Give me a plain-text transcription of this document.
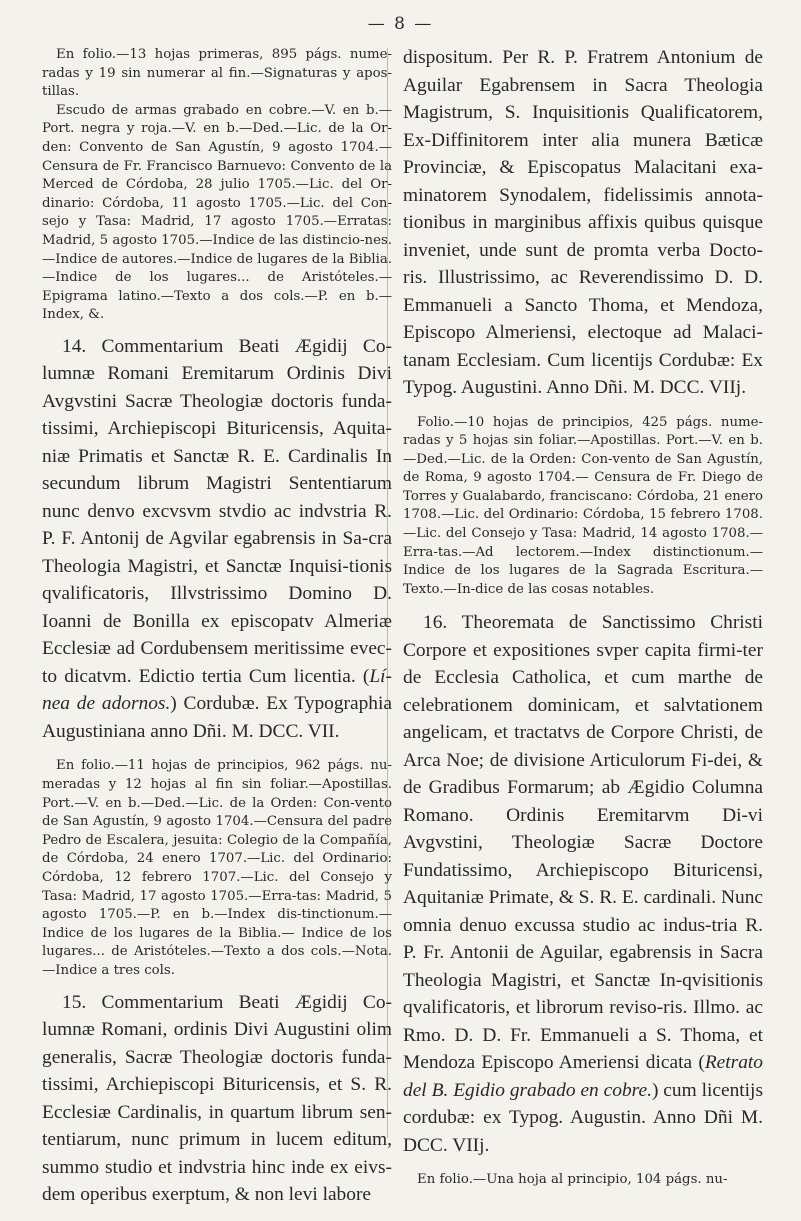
— 8 —

En folio.—13 hojas primeras, 895 págs. nume-radas y 19 sin numerar al fin.—Signaturas y apos-tillas.

Escudo de armas grabado en cobre.—V. en b.— Port. negra y roja.—V. en b.—Ded.—Lic. de la Or-den: Convento de San Agustín, 9 agosto 1704.— Censura de Fr. Francisco Barnuevo: Convento de la Merced de Córdoba, 28 julio 1705.—Lic. del Or-dinario: Córdoba, 11 agosto 1705.—Lic. del Con-sejo y Tasa: Madrid, 17 agosto 1705.—Erratas: Madrid, 5 agosto 1705.—Indice de las distincio-nes.—Indice de autores.—Indice de lugares de la Biblia.—Indice de los lugares... de Aristóteles.— Epigrama latino.—Texto a dos cols.—P. en b.— Index, &.

14. Commentarium Beati Ægidij Co-lumnæ Romani Eremitarum Ordinis Divi Avgvstini Sacræ Theologiæ doctoris funda-tissimi, Archiepiscopi Bituricensis, Aquita-niæ Primatis et Sanctæ R. E. Cardinalis In secundum librum Magistri Sententiarum nunc denvo excvsvm stvdio ac indvstria R. P. F. Antonij de Agvilar egabrensis in Sa-cra Theologia Magistri, et Sanctæ Inquisi-tionis qvalificatoris, Illvstrissimo Domino D. Ioanni de Bonilla ex episcopatv Almeriæ Ecclesiæ ad Cordubensem meritissime evec-to dicatvm. Edictio tertia Cum licentia. (Lí-nea de adornos.) Cordubæ. Ex Typographia Augustiniana anno Dñi. M. DCC. VII.

En folio.—11 hojas de principios, 962 págs. nu-meradas y 12 hojas al fin sin foliar.—Apostillas. Port.—V. en b.—Ded.—Lic. de la Orden: Con-vento de San Agustín, 9 agosto 1704.—Censura del padre Pedro de Escalera, jesuita: Colegio de la Compañía, de Córdoba, 24 enero 1707.—Lic. del Ordinario: Córdoba, 12 febrero 1707.—Lic. del Consejo y Tasa: Madrid, 17 agosto 1705.—Erra-tas: Madrid, 5 agosto 1705.—P. en b.—Index dis-tinctionum.—Indice de los lugares de la Biblia.— Indice de los lugares... de Aristóteles.—Texto a dos cols.—Nota.—Indice a tres cols.

15. Commentarium Beati Ægidij Co-lumnæ Romani, ordinis Divi Augustini olim generalis, Sacræ Theologiæ doctoris funda-tissimi, Archiepiscopi Bituricensis, et S. R. Ecclesiæ Cardinalis, in quartum librum sen-tentiarum, nunc primum in lucem editum, summo studio et indvstria hinc inde ex eivs-dem operibus exerptum, & non levi labore

dispositum. Per R. P. Fratrem Antonium de Aguilar Egabrensem in Sacra Theologia Magistrum, S. Inquisitionis Qualificatorem, Ex-Diffinitorem inter alia munera Bæticæ Provinciæ, & Episcopatus Malacitani exa-minatorem Synodalem, fidelissimis annota-tionibus in marginibus affixis quibus quisque inveniet, unde sunt de promta verba Docto-ris. Illustrissimo, ac Reverendissimo D. D. Emmanueli a Sancto Thoma, et Mendoza, Episcopo Almeriensi, electoque ad Malaci-tanam Ecclesiam. Cum licentijs Cordubæ: Ex Typog. Augustini. Anno Dñi. M. DCC. VIIj.

Folio.—10 hojas de principios, 425 págs. nume-radas y 5 hojas sin foliar.—Apostillas. Port.—V. en b.—Ded.—Lic. de la Orden: Con-vento de San Agustín, de Roma, 9 agosto 1704.— Censura de Fr. Diego de Torres y Gualabardo, franciscano: Córdoba, 21 enero 1708.—Lic. del Ordinario: Córdoba, 15 febrero 1708.—Lic. del Consejo y Tasa: Madrid, 14 agosto 1708.—Erra-tas.—Ad lectorem.—Index distinctionum.—Indice de los lugares de la Sagrada Escritura.—Texto.—In-dice de las cosas notables.

16. Theoremata de Sanctissimo Christi Corpore et expositiones svper capita firmi-ter de Ecclesia Catholica, et cum marthe de celebrationem dominicam, et salvtationem angelicam, et tractatvs de Corpore Christi, de Arca Noe; de divisione Articulorum Fi-dei, & de Gradibus Formarum; ab Ægidio Columna Romano. Ordinis Eremitarvm Di-vi Avgvstini, Theologiæ Sacræ Doctore Fundatissimo, Archiepiscopo Bituricensi, Aquitaniæ Primate, & S. R. E. cardinali. Nunc omnia denuo excussa studio ac indus-tria R. P. Fr. Antonii de Aguilar, egabrensis in Sacra Theologia Magistri, et Sanctæ In-qvisitionis qvalificatoris, et librorum reviso-ris. Illmo. ac Rmo. D. D. Fr. Emmanueli a S. Thoma, et Mendoza Episcopo Ameriensi dicata (Retrato del B. Egidio grabado en cobre.) cum licentijs cordubæ: ex Typog. Augustin. Anno Dñi M. DCC. VIIj.

En folio.—Una hoja al principio, 104 págs. nu-
